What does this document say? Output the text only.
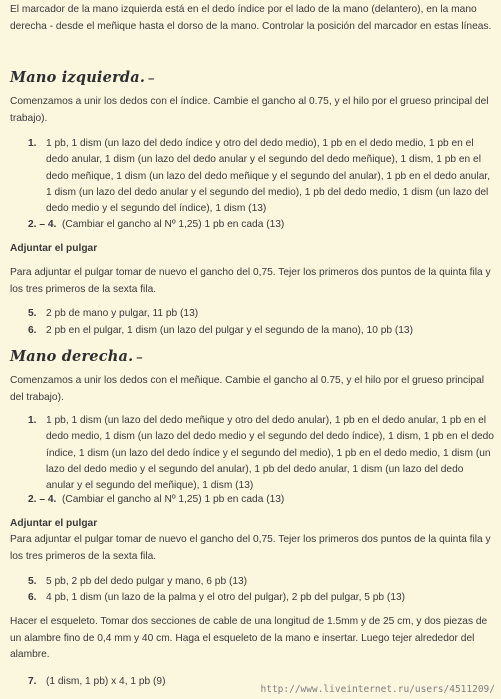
El marcador de la mano izquierda está en el dedo índice por el lado de la mano (delantero), en la mano derecha - desde el meñique hasta el dorso de la mano. Controlar la posición del marcador en estas líneas.

Mano izquierda. –

Comenzamos a unir los dedos con el índice. Cambie el gancho al 0.75, y el hilo por el grueso principal del trabajo).

1. 1 pb, 1 dism (un lazo del dedo índice y otro del dedo medio), 1 pb en el dedo medio, 1 pb en el dedo anular, 1 dism (un lazo del dedo anular y el segundo del dedo meñique), 1 dism, 1 pb en el dedo meñique, 1 dism (un lazo del dedo meñique y el segundo del anular), 1 pb en el dedo anular, 1 dism (un lazo del dedo anular y el segundo del medio), 1 pb del dedo medio, 1 dism (un lazo del dedo medio y el segundo del índice), 1 dism (13)
2. – 4. (Cambiar el gancho al Nº 1,25) 1 pb en cada (13)
Adjuntar el pulgar

Para adjuntar el pulgar tomar de nuevo el gancho del 0,75. Tejer los primeros dos puntos de la quinta fila y los tres primeros de la sexta fila.

5. 2 pb de mano y pulgar, 11 pb (13)
6. 2 pb en el pulgar, 1 dism (un lazo del pulgar y el segundo de la mano), 10 pb (13)
Mano derecha. –

Comenzamos a unir los dedos con el meñique. Cambie el gancho al 0.75, y el hilo por el grueso principal del trabajo).

1. 1 pb, 1 dism (un lazo del dedo meñique y otro del dedo anular), 1 pb en el dedo anular, 1 pb en el dedo medio, 1 dism (un lazo del dedo medio y el segundo del dedo índice), 1 dism, 1 pb en el dedo índice, 1 dism (un lazo del dedo índice y el segundo del medio), 1 pb en el dedo medio, 1 dism (un lazo del dedo medio y el segundo del anular), 1 pb del dedo anular, 1 dism (un lazo del dedo anular y el segundo del meñique), 1 dism (13)
2. – 4. (Cambiar el gancho al Nº 1,25) 1 pb en cada (13)
Adjuntar el pulgar

Para adjuntar el pulgar tomar de nuevo el gancho del 0,75. Tejer los primeros dos puntos de la quinta fila y los tres primeros de la sexta fila.

5. 5 pb, 2 pb del dedo pulgar y mano, 6 pb (13)
6. 4 pb, 1 dism (un lazo de la palma y el otro del pulgar), 2 pb del pulgar, 5 pb (13)

Hacer el esqueleto. Tomar dos secciones de cable de una longitud de 1.5mm y de 25 cm, y dos piezas de un alambre fino de 0,4 mm y 40 cm. Haga el esqueleto de la mano e insertar. Luego tejer alrededor del alambre.

7. (1 dism, 1 pb) x 4, 1 pb (9)
http://www.liveinternet.ru/users/4511209/
